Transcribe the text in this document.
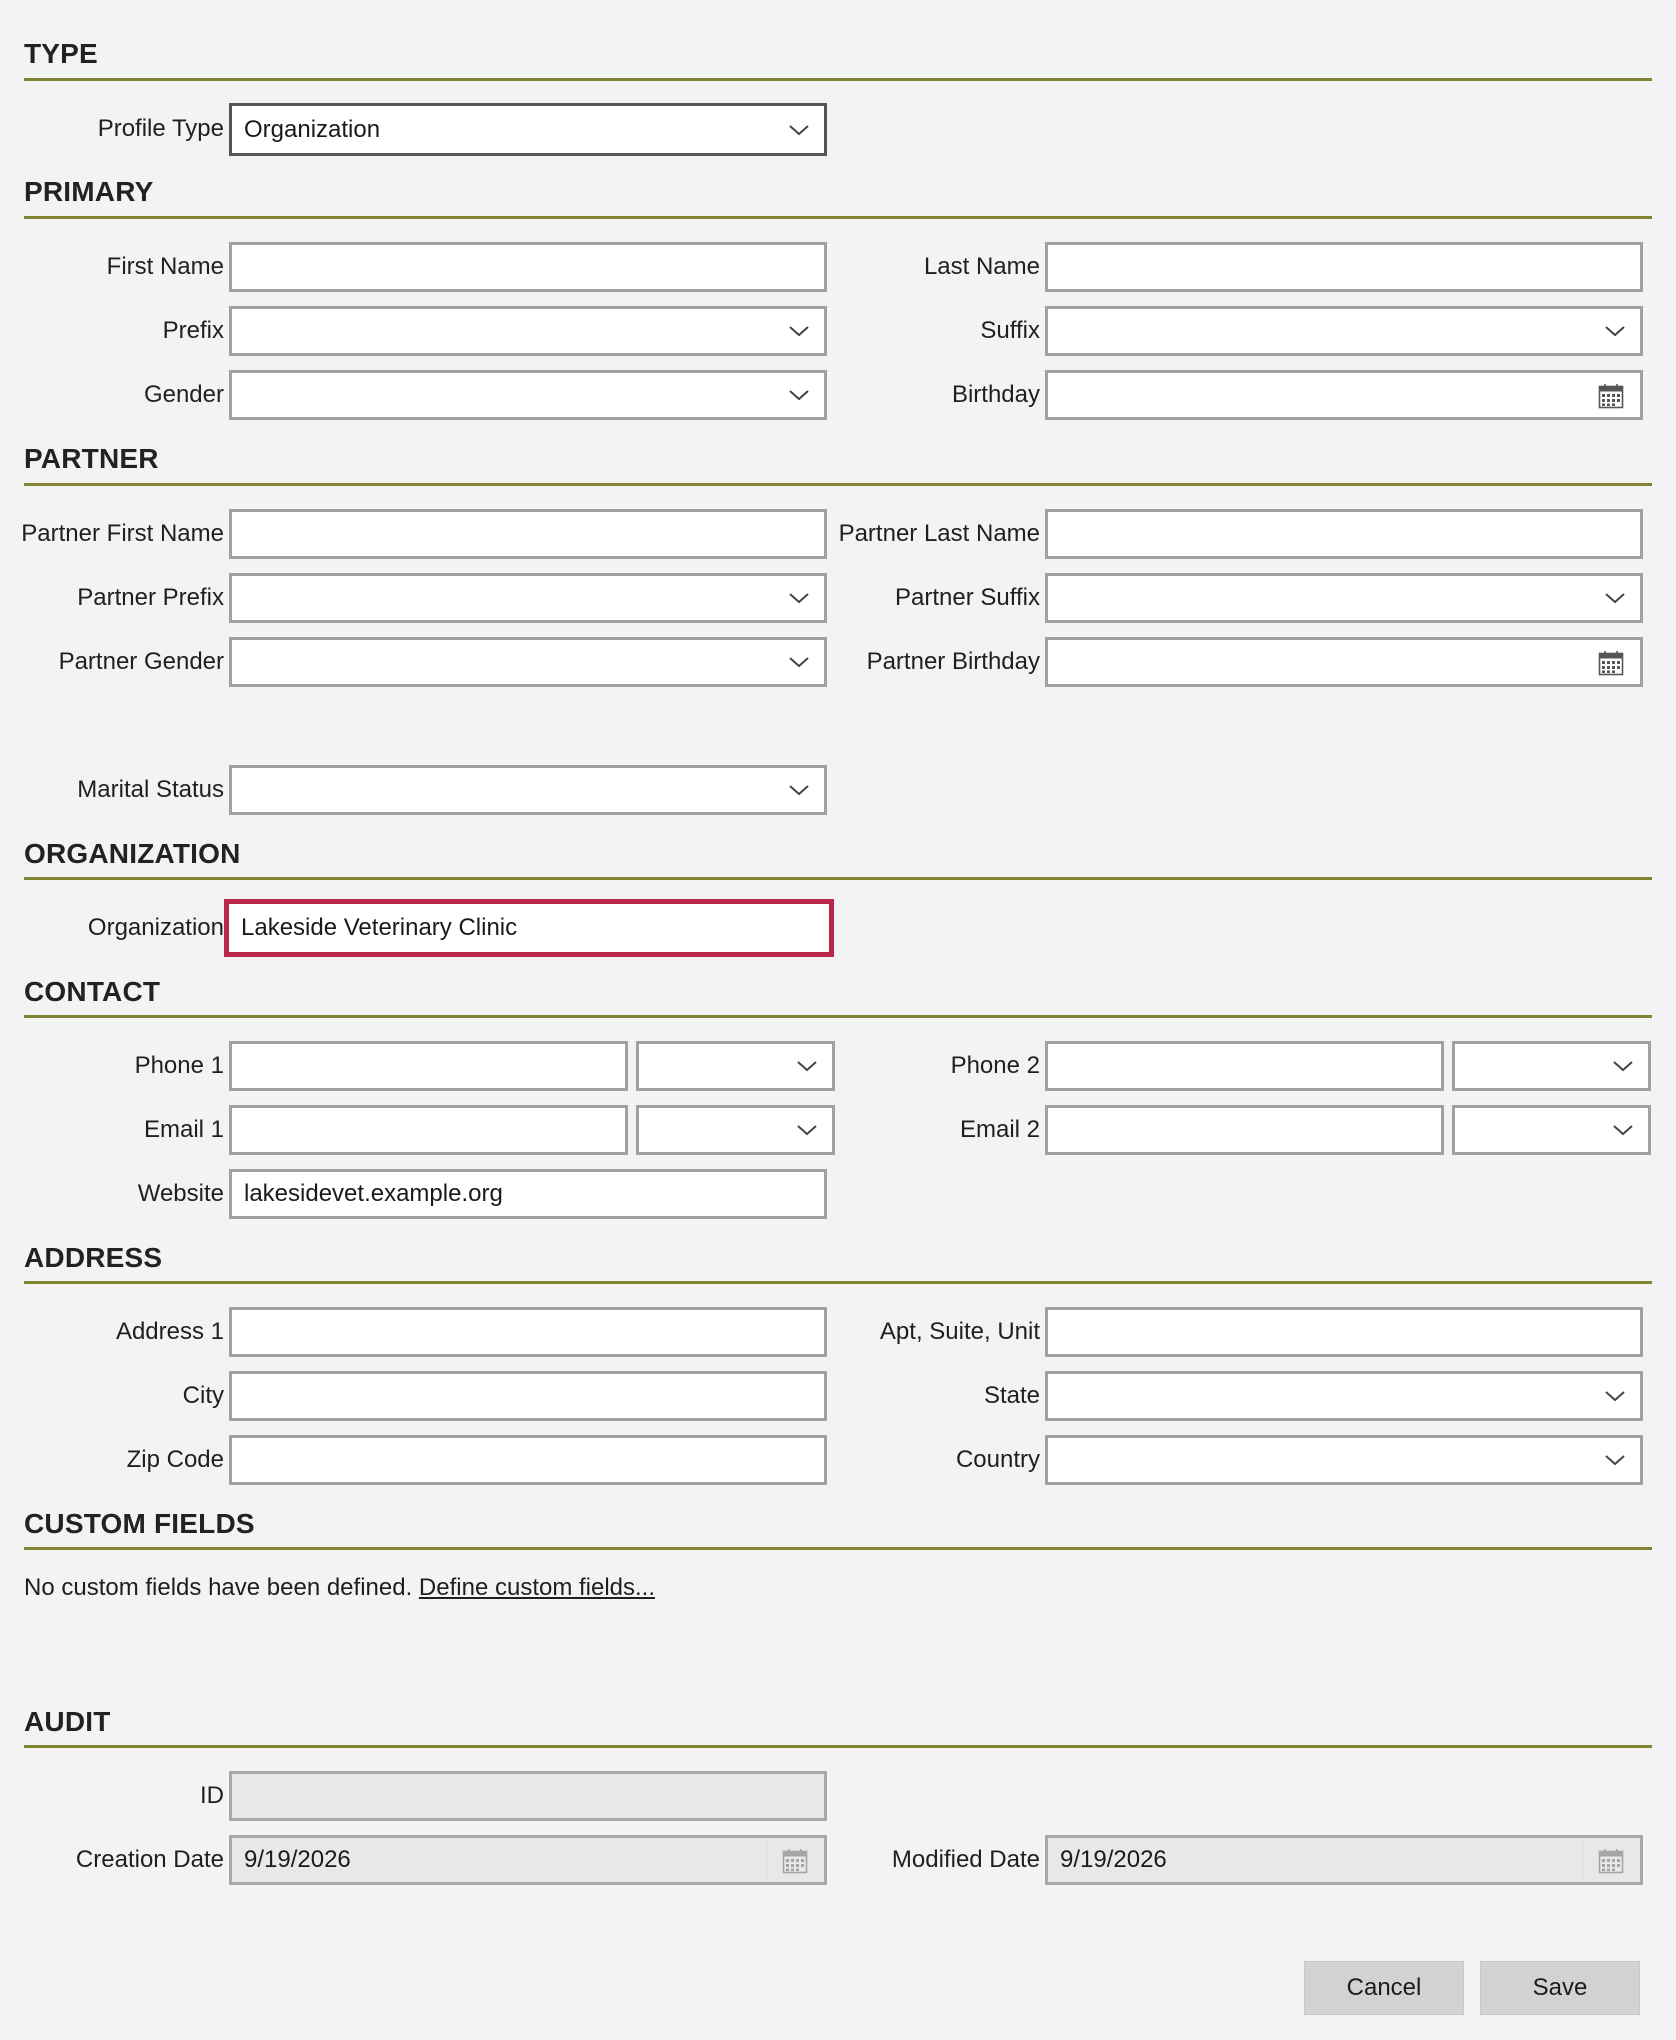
TYPE
Profile Type Organization
PRIMARY
First Name	Last Name
Prefix	Suffix
Gender	Birthday
PARTNER
Partner First Name	Partner Last Name
Partner Prefix	Partner Suffix
Partner Gender	Partner Birthday
Marital Status
ORGANIZATION
Organization Lakeside Veterinary Clinic
CONTACT
Phone 1	Phone 2
Email 1	Email 2
Website lakesidevet.example.org
ADDRESS
Address 1	Apt, Suite, Unit
City	State
Zip Code	Country
CUSTOM FIELDS
No custom fields have been defined. Define custom fields...
AUDIT
ID
Creation Date 9/19/2026	Modified Date 9/19/2026
Cancel	Save
